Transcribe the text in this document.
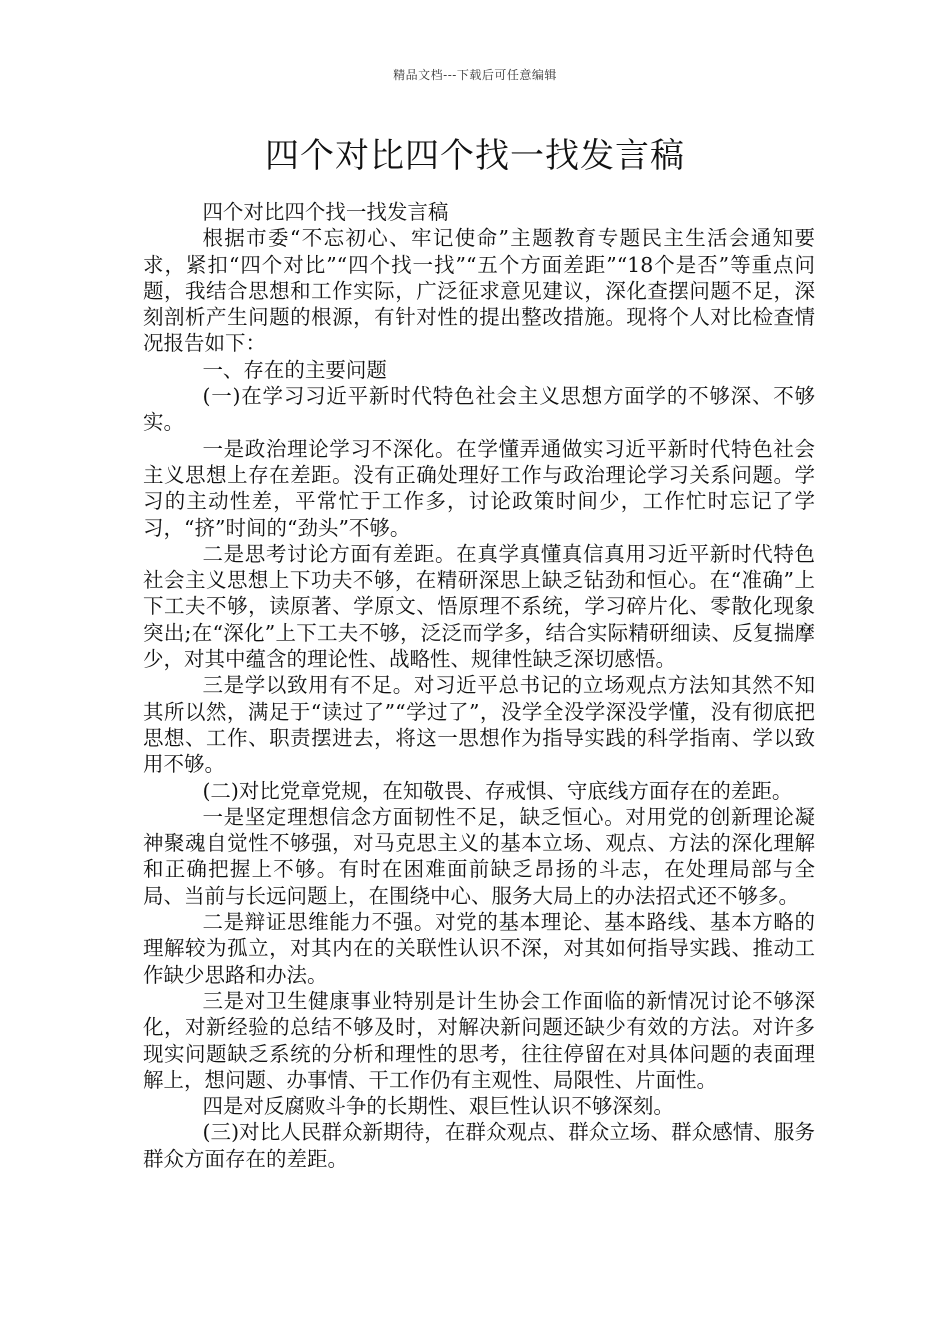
精品文档---下载后可任意编辑
四个对比四个找一找发言稿

四个对比四个找一找发言稿

根据市委“不忘初心、牢记使命”主题教育专题民主生活会通知要求，紧扣“四个对比”“四个找一找”“五个方面差距”“18个是否”等重点问题，我结合思想和工作实际，广泛征求意见建议，深化查摆问题不足，深刻剖析产生问题的根源，有针对性的提出整改措施。现将个人对比检查情况报告如下：

一、存在的主要问题

(一)在学习习近平新时代特色社会主义思想方面学的不够深、不够实。

一是政治理论学习不深化。在学懂弄通做实习近平新时代特色社会主义思想上存在差距。没有正确处理好工作与政治理论学习关系问题。学习的主动性差，平常忙于工作多，讨论政策时间少，工作忙时忘记了学习，“挤”时间的“劲头”不够。

二是思考讨论方面有差距。在真学真懂真信真用习近平新时代特色社会主义思想上下功夫不够，在精研深思上缺乏钻劲和恒心。在“准确”上下工夫不够，读原著、学原文、悟原理不系统，学习碎片化、零散化现象突出;在“深化”上下工夫不够，泛泛而学多，结合实际精研细读、反复揣摩少，对其中蕴含的理论性、战略性、规律性缺乏深切感悟。

三是学以致用有不足。对习近平总书记的立场观点方法知其然不知其所以然，满足于“读过了”“学过了”，没学全没学深没学懂，没有彻底把思想、工作、职责摆进去，将这一思想作为指导实践的科学指南、学以致用不够。

(二)对比党章党规，在知敬畏、存戒惧、守底线方面存在的差距。

一是坚定理想信念方面韧性不足，缺乏恒心。对用党的创新理论凝神聚魂自觉性不够强，对马克思主义的基本立场、观点、方法的深化理解和正确把握上不够。有时在困难面前缺乏昂扬的斗志，在处理局部与全局、当前与长远问题上，在围绕中心、服务大局上的办法招式还不够多。

二是辩证思维能力不强。对党的基本理论、基本路线、基本方略的理解较为孤立，对其内在的关联性认识不深，对其如何指导实践、推动工作缺少思路和办法。

三是对卫生健康事业特别是计生协会工作面临的新情况讨论不够深化，对新经验的总结不够及时，对解决新问题还缺少有效的方法。对许多现实问题缺乏系统的分析和理性的思考，往往停留在对具体问题的表面理解上，想问题、办事情、干工作仍有主观性、局限性、片面性。

四是对反腐败斗争的长期性、艰巨性认识不够深刻。

(三)对比人民群众新期待，在群众观点、群众立场、群众感情、服务群众方面存在的差距。
